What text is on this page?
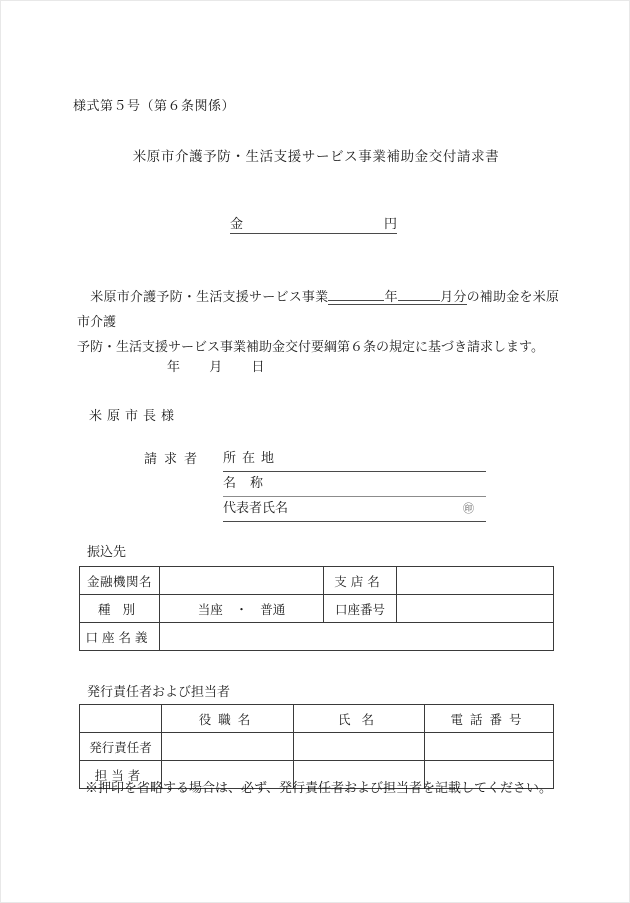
様式第５号（第６条関係）
米原市介護予防・生活支援サービス事業補助金交付請求書
金	円
米原市介護予防・生活支援サービス事業	年	月分の補助金を米原市介護
予防・生活支援サービス事業補助金交付要綱第６条の規定に基づき請求します。
年 月 日
米原市長様
請求者 所在地
名称
代表者氏名	㊞
振込先
金融機関名		支店名	
種別	当座　・　普通	口座番号	
口座名義			
発行責任者および担当者
	役職名	氏名	電話番号
発行責任者			
担当者			
※押印を省略する場合は、必ず、発行責任者および担当者を記載してください。
